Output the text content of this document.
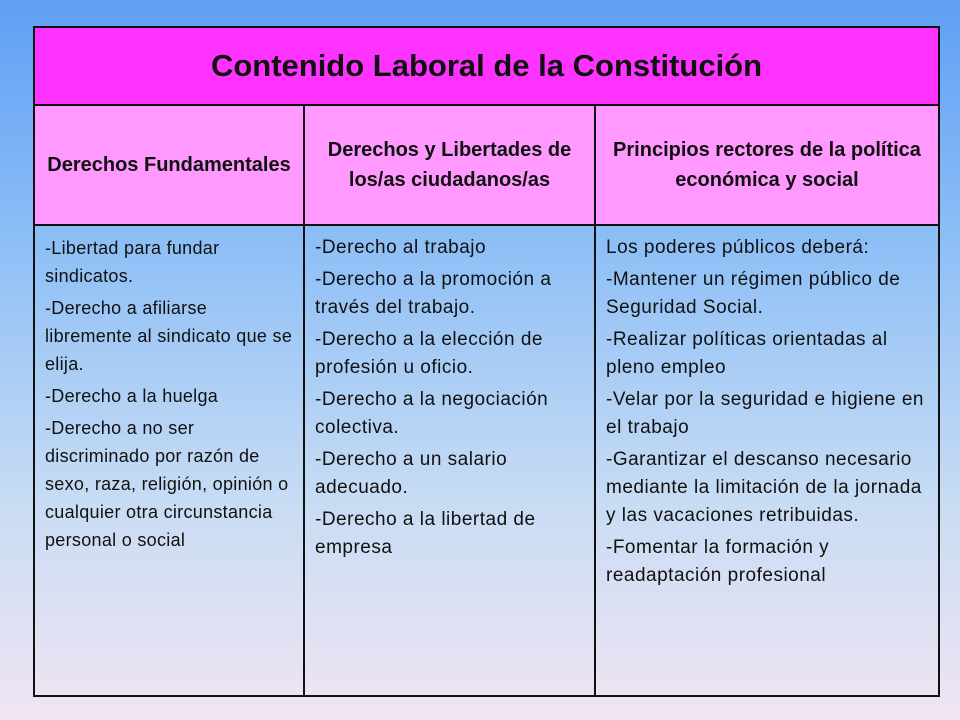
Contenido Laboral de la Constitución
Derechos Fundamentales
Derechos y Libertades de los/as ciudadanos/as
Principios rectores de la política económica y social

-Libertad para fundar sindicatos.

-Derecho a afiliarse libremente al sindicato que se elija.

-Derecho a la huelga

-Derecho a no ser discriminado por razón de sexo, raza, religión, opinión o cualquier otra circunstancia personal o social

-Derecho al trabajo

-Derecho a la promoción a través del trabajo.

-Derecho a la elección de profesión u oficio.

-Derecho a la negociación colectiva.

-Derecho a un salario adecuado.

-Derecho a la libertad de empresa

Los poderes públicos deberá:

-Mantener un régimen público de Seguridad Social.

-Realizar políticas orientadas al pleno empleo

-Velar por la seguridad e higiene en el trabajo

-Garantizar el descanso necesario mediante la limitación de la jornada y las vacaciones retribuidas.

-Fomentar la formación y readaptación profesional
